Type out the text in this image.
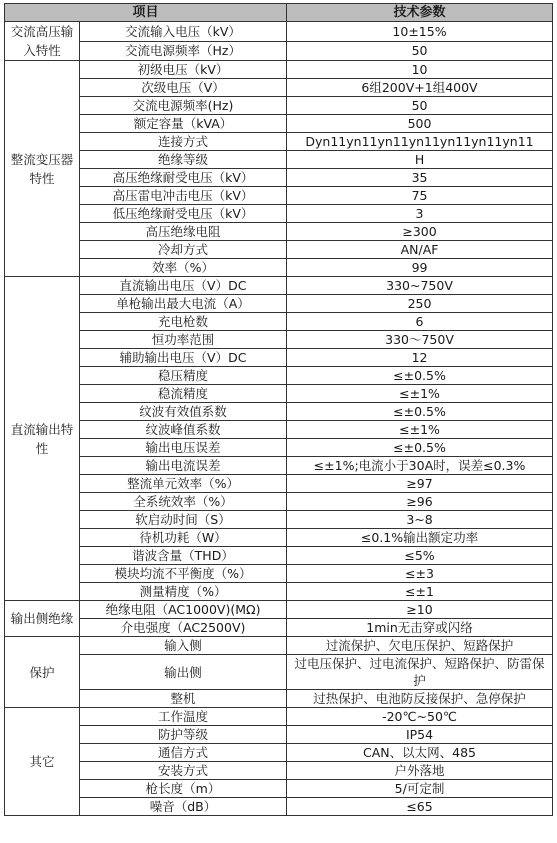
项目		技术参数
交流高压输入特性	交流输入电压（kV）	10±15%
	交流电源频率（Hz）	50
整流变压器特性	初级电压（kV）	10
	次级电压（V）	6组200V+1组400V
	交流电源频率(Hz)	50
	额定容量（kVA）	500
	连接方式	Dyn11yn11yn11yn11yn11yn11yn11
	绝缘等级	H
	高压绝缘耐受电压（kV）	35
	高压雷电冲击电压（kV）	75
	低压绝缘耐受电压（kV）	3
	高压绝缘电阻	≥300
	冷却方式	AN/AF
	效率（%）	99
直流输出特性	直流输出电压（V）DC	330~750V
	单枪输出最大电流（A）	250
	充电枪数	6
	恒功率范围	330～750V
	辅助输出电压（V）DC	12
	稳压精度	≤±0.5%
	稳流精度	≤±1%
	纹波有效值系数	≤±0.5%
	纹波峰值系数	≤±1%
	输出电压误差	≤±0.5%
	输出电流误差	≤±1%;电流小于30A时，误差≤0.3%
	整流单元效率（%）	≥97
	全系统效率（%）	≥96
	软启动时间（S）	3~8
	待机功耗（W）	≤0.1%输出额定功率
	谐波含量（THD）	≤5%
	模块均流不平衡度（%）	≤±3
	测量精度（%）	≤±1
输出侧绝缘	绝缘电阻（AC1000V)(MΩ)	≥10
	介电强度（AC2500V)	1min无击穿或闪络
保护	输入侧	过流保护、欠电压保护、短路保护
	输出侧	过电压保护、过电流保护、短路保护、防雷保护
	整机	过热保护、电池防反接保护、急停保护
其它	工作温度	-20℃~50℃
	防护等级	IP54
	通信方式	CAN、以太网、485
	安装方式	户外落地
	枪长度（m）	5/可定制
	噪音（dB）	≤65
